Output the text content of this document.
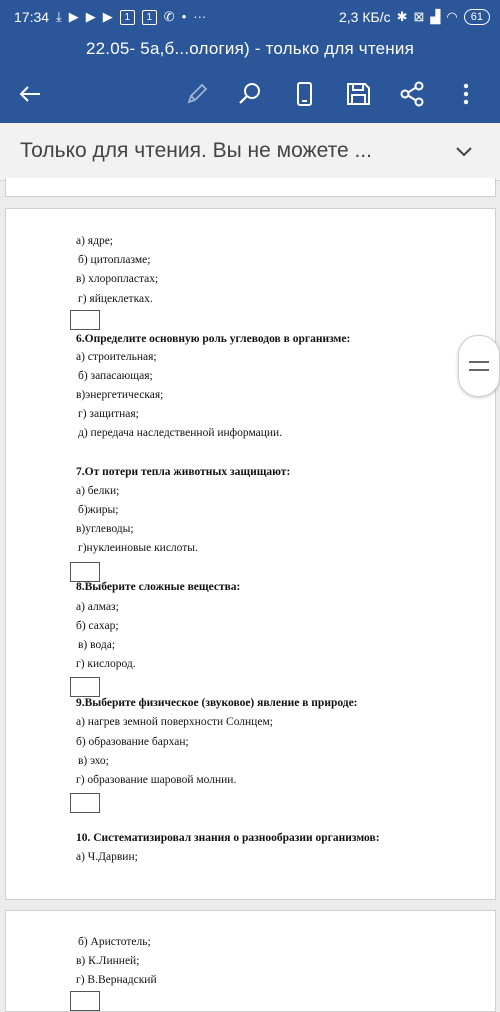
17:34 ⤓ ▶ ▶ ▶	1	1 ✆ • ···	2,3 КБ/с ✱ ⊠ ▟ ◠	61
22.05- 5а,б...ология) - только для чтения
Только для чтения. Вы не можете ...
а) ядре;
б) цитоплазме;
в) хлоропластах;
г) яйцеклетках.
6.Определите основную роль углеводов в организме:
а) строительная;
б) запасающая;
в)энергетическая;
г) защитная;
д) передача наследственной информации.
7.От потери тепла животных защищают:
а) белки;
б)жиры;
в)углеводы;
г)нуклеиновые кислоты.
8.Выберите сложные вещества:
а) алмаз;
б) сахар;
в) вода;
г) кислород.
9.Выберите физическое (звуковое) явление в природе:
а) нагрев земной поверхности Солнцем;
б) образование бархан;
в) эхо;
г) образование шаровой молнии.
10. Систематизировал знания о разнообразии организмов:
а) Ч.Дарвин;
б) Аристотель;
в) К.Линней;
г) В.Вернадский
